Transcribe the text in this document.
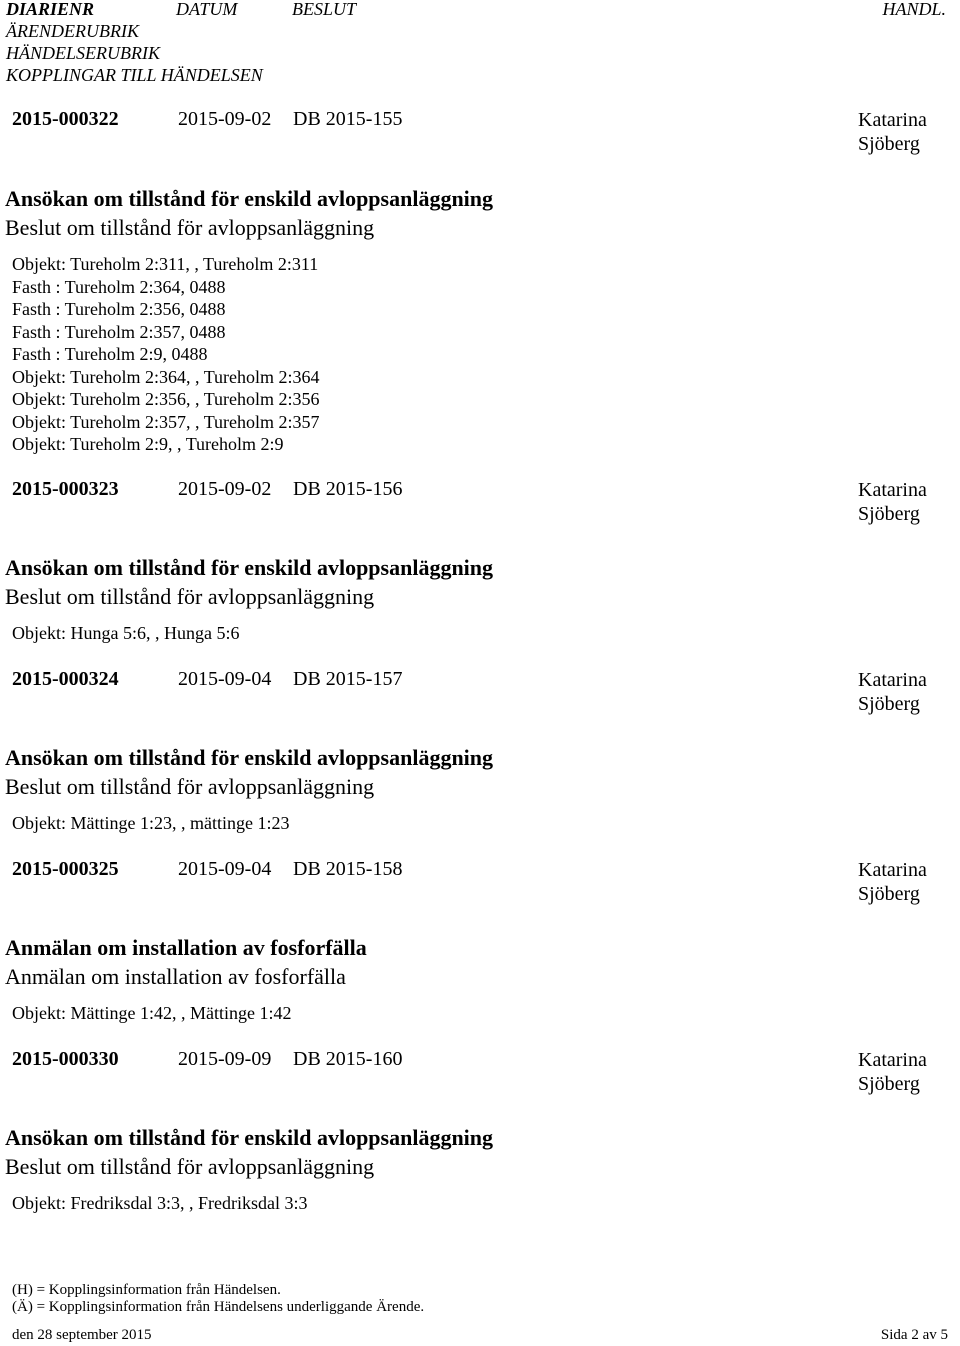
DIARIENR	DATUM	BESLUT	HANDL.
ÄRENDERUBRIK
HÄNDELSERUBRIK
KOPPLINGAR TILL HÄNDELSEN
2015-000322	2015-09-02 DB 2015-155	Katarina
Sjöberg
Ansökan om tillstånd för enskild avloppsanläggning
Beslut om tillstånd för avloppsanläggning
Objekt: Tureholm 2:311, , Tureholm 2:311
Fasth : Tureholm 2:364, 0488
Fasth : Tureholm 2:356, 0488
Fasth : Tureholm 2:357, 0488
Fasth : Tureholm 2:9, 0488
Objekt: Tureholm 2:364, , Tureholm 2:364
Objekt: Tureholm 2:356, , Tureholm 2:356
Objekt: Tureholm 2:357, , Tureholm 2:357
Objekt: Tureholm 2:9, , Tureholm 2:9
2015-000323	2015-09-02 DB 2015-156	Katarina
Sjöberg
Ansökan om tillstånd för enskild avloppsanläggning
Beslut om tillstånd för avloppsanläggning
Objekt: Hunga 5:6, , Hunga 5:6
2015-000324	2015-09-04 DB 2015-157	Katarina
Sjöberg
Ansökan om tillstånd för enskild avloppsanläggning
Beslut om tillstånd för avloppsanläggning
Objekt: Mättinge 1:23, , mättinge 1:23
2015-000325	2015-09-04 DB 2015-158	Katarina
Sjöberg
Anmälan om installation av fosforfälla
Anmälan om installation av fosforfälla
Objekt: Mättinge 1:42, , Mättinge 1:42
2015-000330	2015-09-09 DB 2015-160	Katarina
Sjöberg
Ansökan om tillstånd för enskild avloppsanläggning
Beslut om tillstånd för avloppsanläggning
Objekt: Fredriksdal 3:3, , Fredriksdal 3:3
(H) = Kopplingsinformation från Händelsen.
(Ä) = Kopplingsinformation från Händelsens underliggande Ärende.
den 28 september 2015	Sida 2 av 5
